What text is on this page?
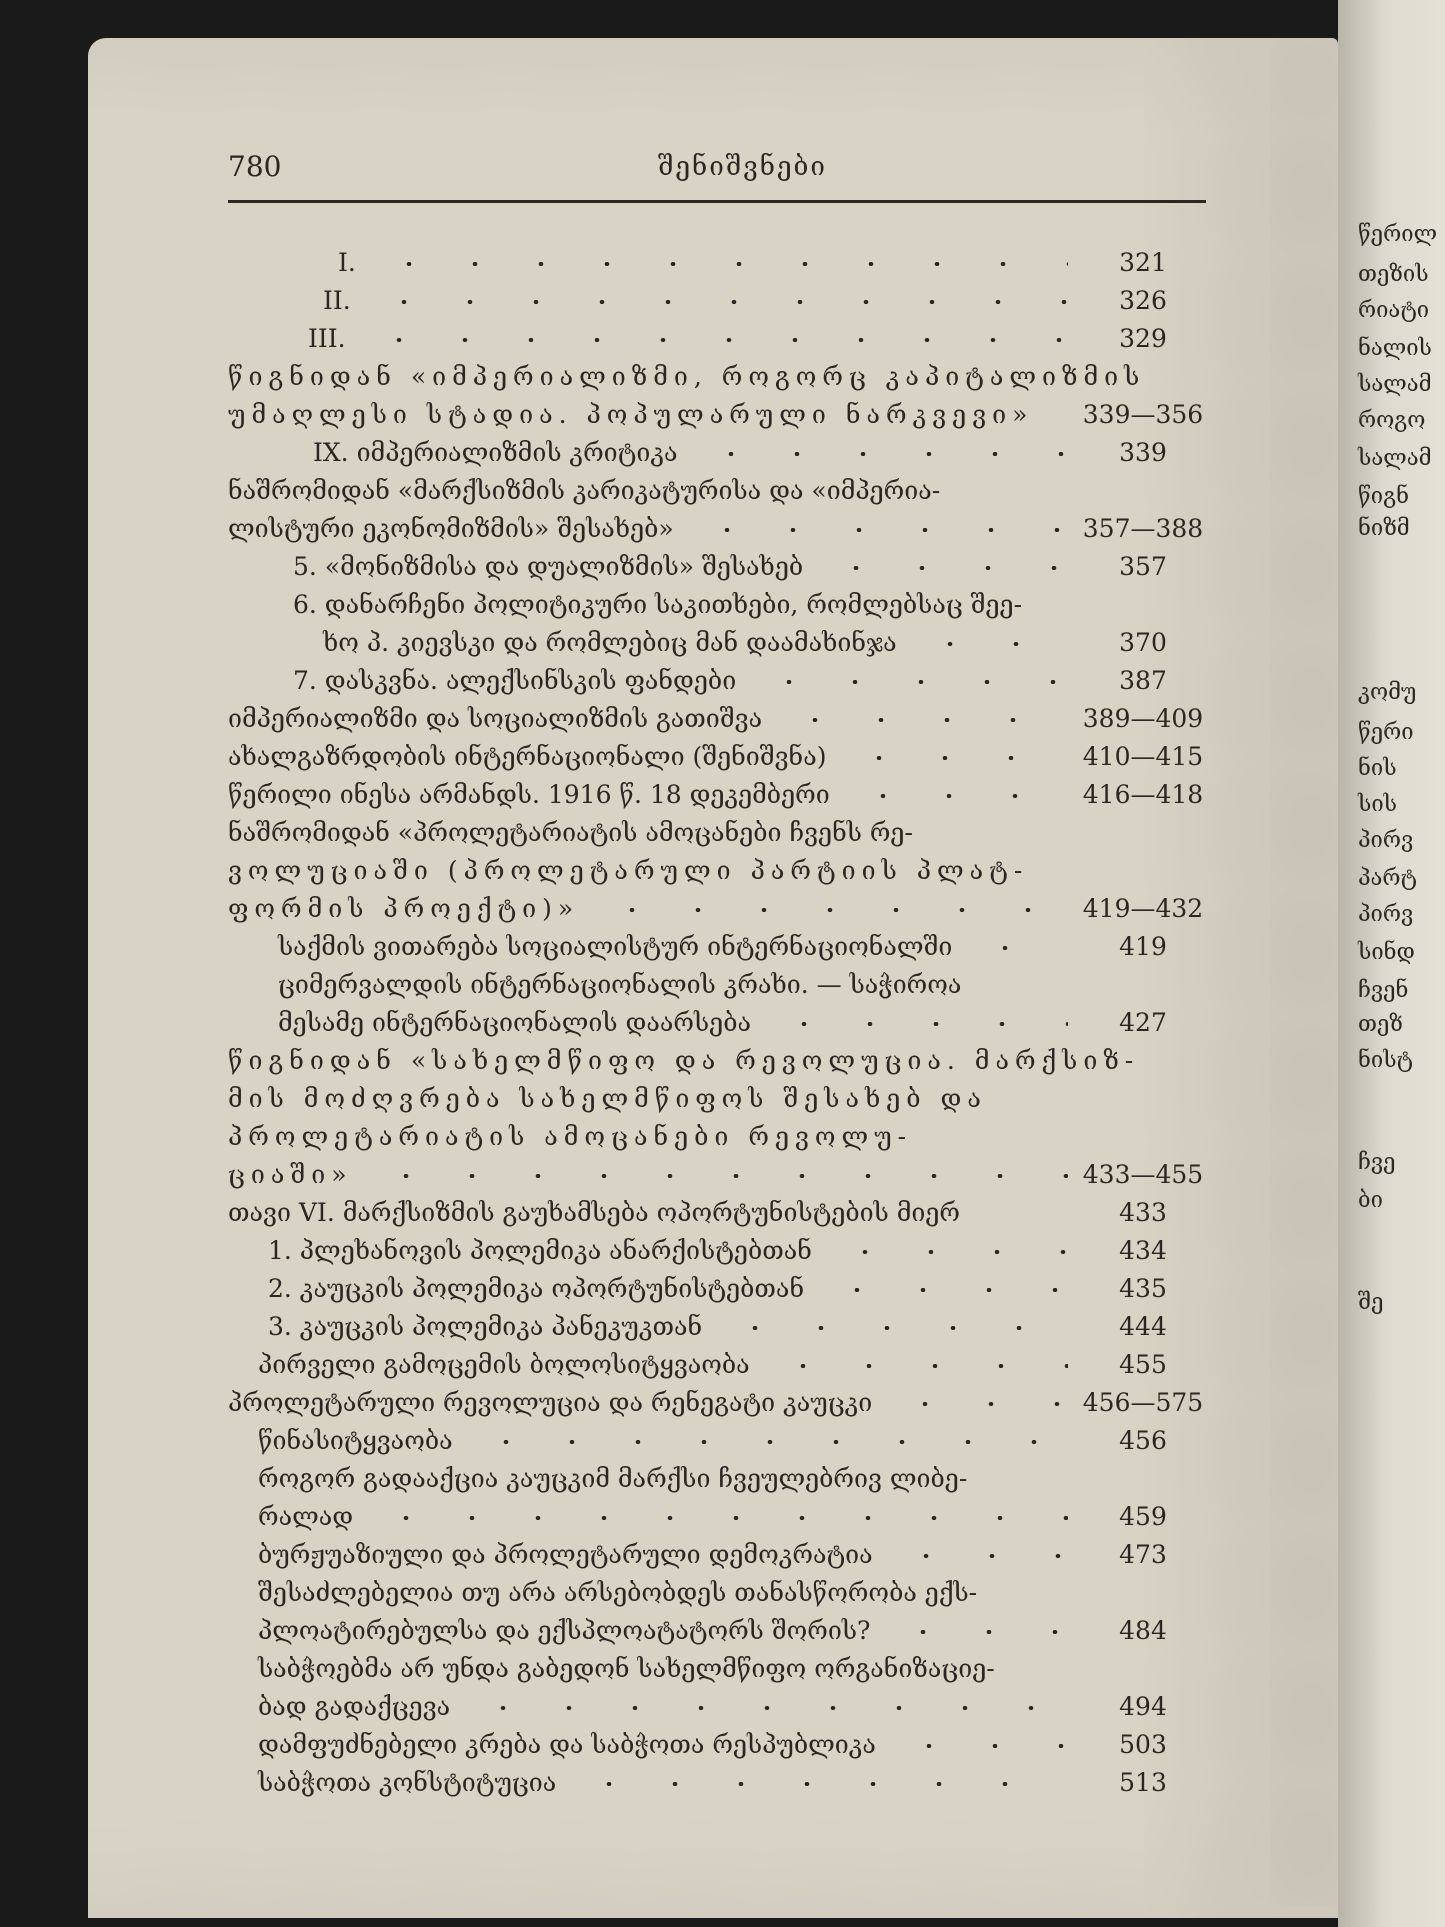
780	შენიშვნები
I.	321
II.	326
III.	329
წიგნიდან «იმპერიალიზმი, როგორც კაპიტალიზმის
უმაღლესი სტადია. პოპულარული ნარკვევი» 339—356
IX. იმპერიალიზმის კრიტიკა	339
ნაშრომიდან «მარქსიზმის კარიკატურისა და «იმპერია-
ლისტური ეკონომიზმის» შესახებ»	357—388
5. «მონიზმისა და დუალიზმის» შესახებ	357
6. დანარჩენი პოლიტიკური საკითხები, რომლებსაც შეე-
ხო პ. კიევსკი და რომლებიც მან დაამახინჯა	370
7. დასკვნა. ალექსინსკის ფანდები	387
იმპერიალიზმი და სოციალიზმის გათიშვა	389—409
ახალგაზრდობის ინტერნაციონალი (შენიშვნა)	410—415
წერილი ინესა არმანდს. 1916 წ. 18 დეკემბერი	416—418
ნაშრომიდან «პროლეტარიატის ამოცანები ჩვენს რე-
ვოლუციაში (პროლეტარული პარტიის პლატ-
ფორმის პროექტი)»	419—432
საქმის ვითარება სოციალისტურ ინტერნაციონალში	419
ციმერვალდის ინტერნაციონალის კრახი. — საჭიროა
მესამე ინტერნაციონალის დაარსება	427
წიგნიდან «სახელმწიფო და რევოლუცია. მარქსიზ-
მის მოძღვრება სახელმწიფოს შესახებ და
პროლეტარიატის ამოცანები რევოლუ-
ციაში»	433—455
თავი VI. მარქსიზმის გაუხამსება ოპორტუნისტების მიერ	433
1. პლეხანოვის პოლემიკა ანარქისტებთან	434
2. კაუცკის პოლემიკა ოპორტუნისტებთან	435
3. კაუცკის პოლემიკა პანეკუკთან	444
პირველი გამოცემის ბოლოსიტყვაობა	455
პროლეტარული რევოლუცია და რენეგატი კაუცკი	456—575
წინასიტყვაობა	456
როგორ გადააქცია კაუცკიმ მარქსი ჩვეულებრივ ლიბე-
რალად	459
ბურჟუაზიული და პროლეტარული დემოკრატია	473
შესაძლებელია თუ არა არსებობდეს თანასწორობა ექს-
პლოატირებულსა და ექსპლოატატორს შორის?	484
საბჭოებმა არ უნდა გაბედონ სახელმწიფო ორგანიზაციე-
ბად გადაქცევა	494
დამფუძნებელი კრება და საბჭოთა რესპუბლიკა	503
საბჭოთა კონსტიტუცია	513
წერილ
თეზის
რიატი
ნალის
სალამ
როგო
სალამ
წიგნ
ნიზმ
კომუ
წერი
ნის
სის
პირვ
პარტ
პირვ
სინდ
ჩვენ
თეზ
ნისტ
ჩვე
ბი
შე
